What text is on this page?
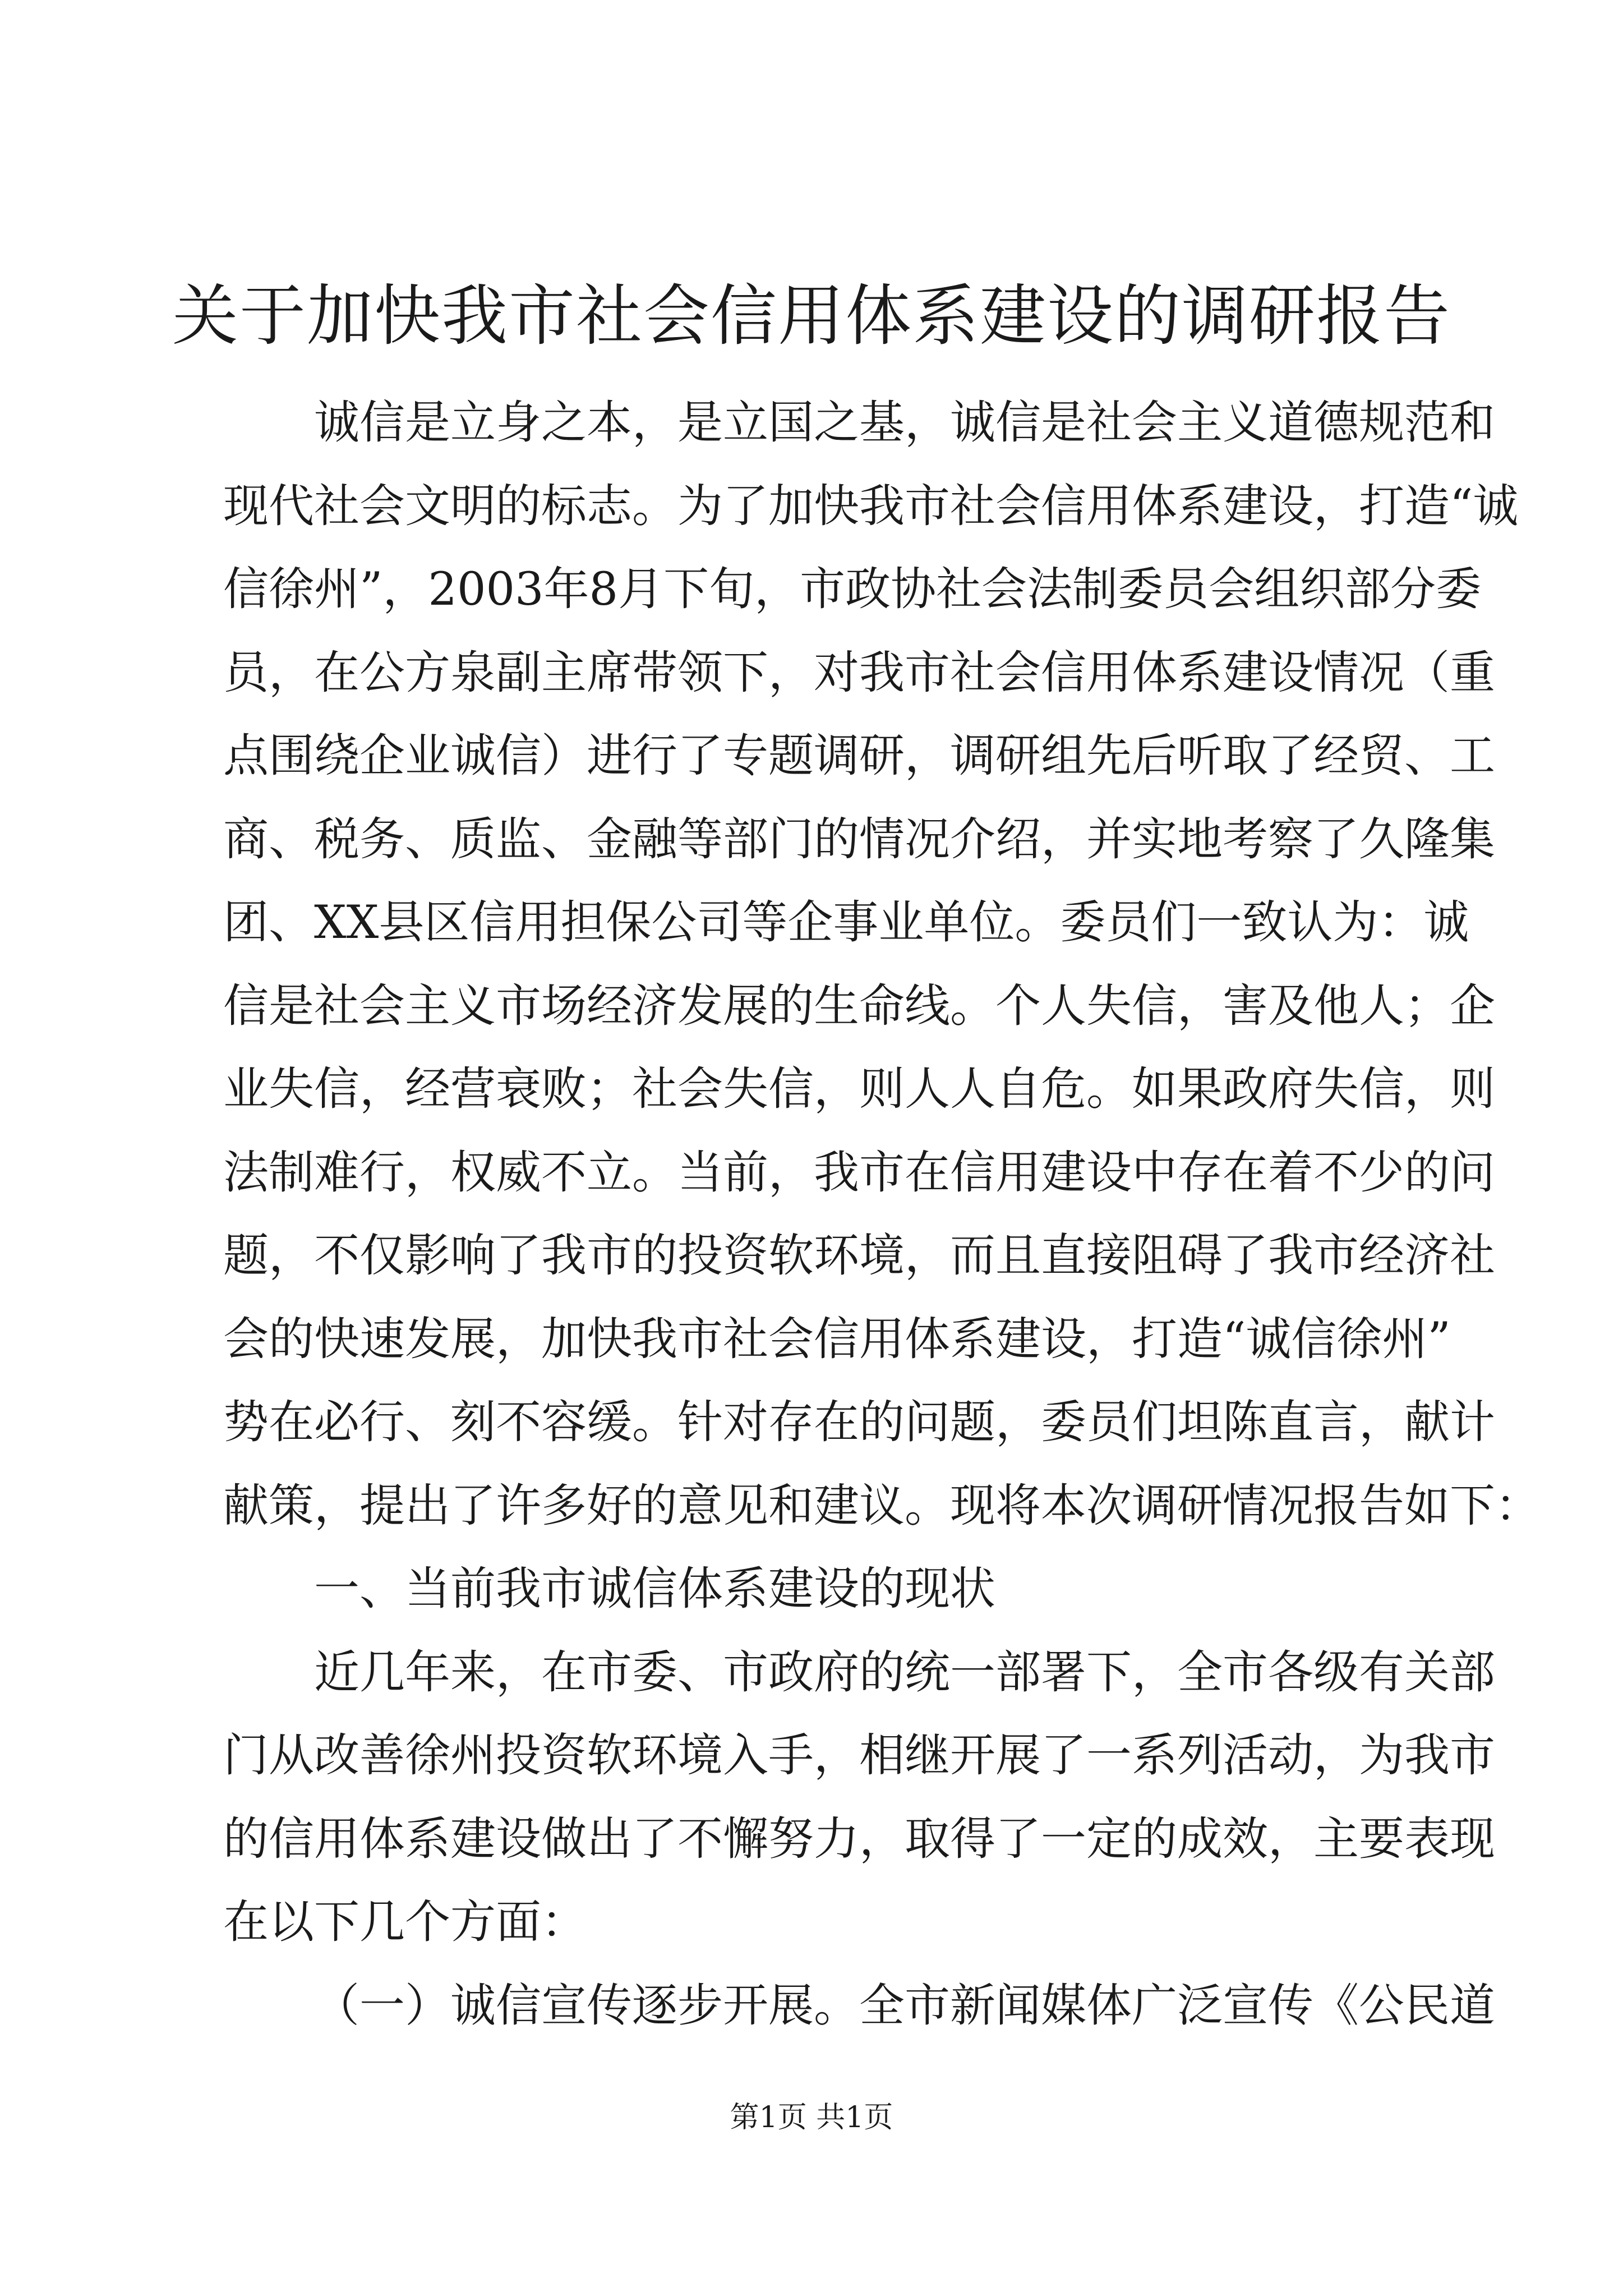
关于加快我市社会信用体系建设的调研报告
诚信是立身之本，是立国之基，诚信是社会主义道德规范和
现代社会文明的标志。为了加快我市社会信用体系建设，打造“诚
信徐州”，2003年8月下旬，市政协社会法制委员会组织部分委
员，在公方泉副主席带领下，对我市社会信用体系建设情况（重
点围绕企业诚信）进行了专题调研，调研组先后听取了经贸、工
商、税务、质监、金融等部门的情况介绍，并实地考察了久隆集
团、XX县区信用担保公司等企事业单位。委员们一致认为：诚
信是社会主义市场经济发展的生命线。个人失信，害及他人；企
业失信，经营衰败；社会失信，则人人自危。如果政府失信，则
法制难行，权威不立。当前，我市在信用建设中存在着不少的问
题，不仅影响了我市的投资软环境，而且直接阻碍了我市经济社
会的快速发展，加快我市社会信用体系建设，打造“诚信徐州”
势在必行、刻不容缓。针对存在的问题，委员们坦陈直言，献计
献策，提出了许多好的意见和建议。现将本次调研情况报告如下：
一、当前我市诚信体系建设的现状
近几年来，在市委、市政府的统一部署下，全市各级有关部
门从改善徐州投资软环境入手，相继开展了一系列活动，为我市
的信用体系建设做出了不懈努力，取得了一定的成效，主要表现
在以下几个方面：
（一）诚信宣传逐步开展。全市新闻媒体广泛宣传《公民道
第1页 共1页
